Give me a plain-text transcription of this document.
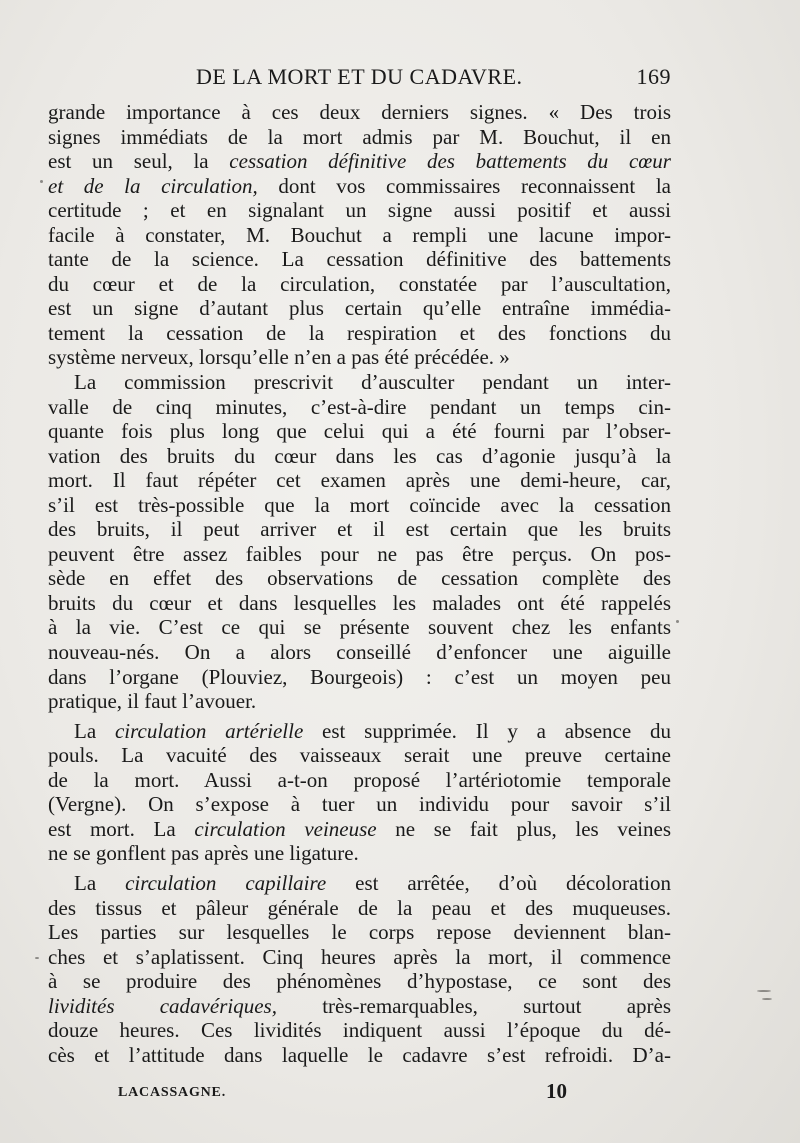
DE LA MORT ET DU CADAVRE.	169
grande importance à ces deux derniers signes. « Des trois
signes immédiats de la mort admis par M. Bouchut, il en
est un seul, la cessation définitive des battements du cœur
et de la circulation, dont vos commissaires reconnaissent la
certitude ; et en signalant un signe aussi positif et aussi
facile à constater, M. Bouchut a rempli une lacune impor-
tante de la science. La cessation définitive des battements
du cœur et de la circulation, constatée par l’auscultation,
est un signe d’autant plus certain qu’elle entraîne immédia-
tement la cessation de la respiration et des fonctions du
système nerveux, lorsqu’elle n’en a pas été précédée. »
La commission prescrivit d’ausculter pendant un inter-
valle de cinq minutes, c’est-à-dire pendant un temps cin-
quante fois plus long que celui qui a été fourni par l’obser-
vation des bruits du cœur dans les cas d’agonie jusqu’à la
mort. Il faut répéter cet examen après une demi-heure, car,
s’il est très-possible que la mort coïncide avec la cessation
des bruits, il peut arriver et il est certain que les bruits
peuvent être assez faibles pour ne pas être perçus. On pos-
sède en effet des observations de cessation complète des
bruits du cœur et dans lesquelles les malades ont été rappelés
à la vie. C’est ce qui se présente souvent chez les enfants
nouveau-nés. On a alors conseillé d’enfoncer une aiguille
dans l’organe (Plouviez, Bourgeois) : c’est un moyen peu
pratique, il faut l’avouer.
La circulation artérielle est supprimée. Il y a absence du
pouls. La vacuité des vaisseaux serait une preuve certaine
de la mort. Aussi a-t-on proposé l’artériotomie temporale
(Vergne). On s’expose à tuer un individu pour savoir s’il
est mort. La circulation veineuse ne se fait plus, les veines
ne se gonflent pas après une ligature.
La circulation capillaire est arrêtée, d’où décoloration
des tissus et pâleur générale de la peau et des muqueuses.
Les parties sur lesquelles le corps repose deviennent blan-
ches et s’aplatissent. Cinq heures après la mort, il commence
à se produire des phénomènes d’hypostase, ce sont des
lividités cadavériques, très-remarquables, surtout après
douze heures. Ces lividités indiquent aussi l’époque du dé-
cès et l’attitude dans laquelle le cadavre s’est refroidi. D’a-
LACASSAGNE.	10
